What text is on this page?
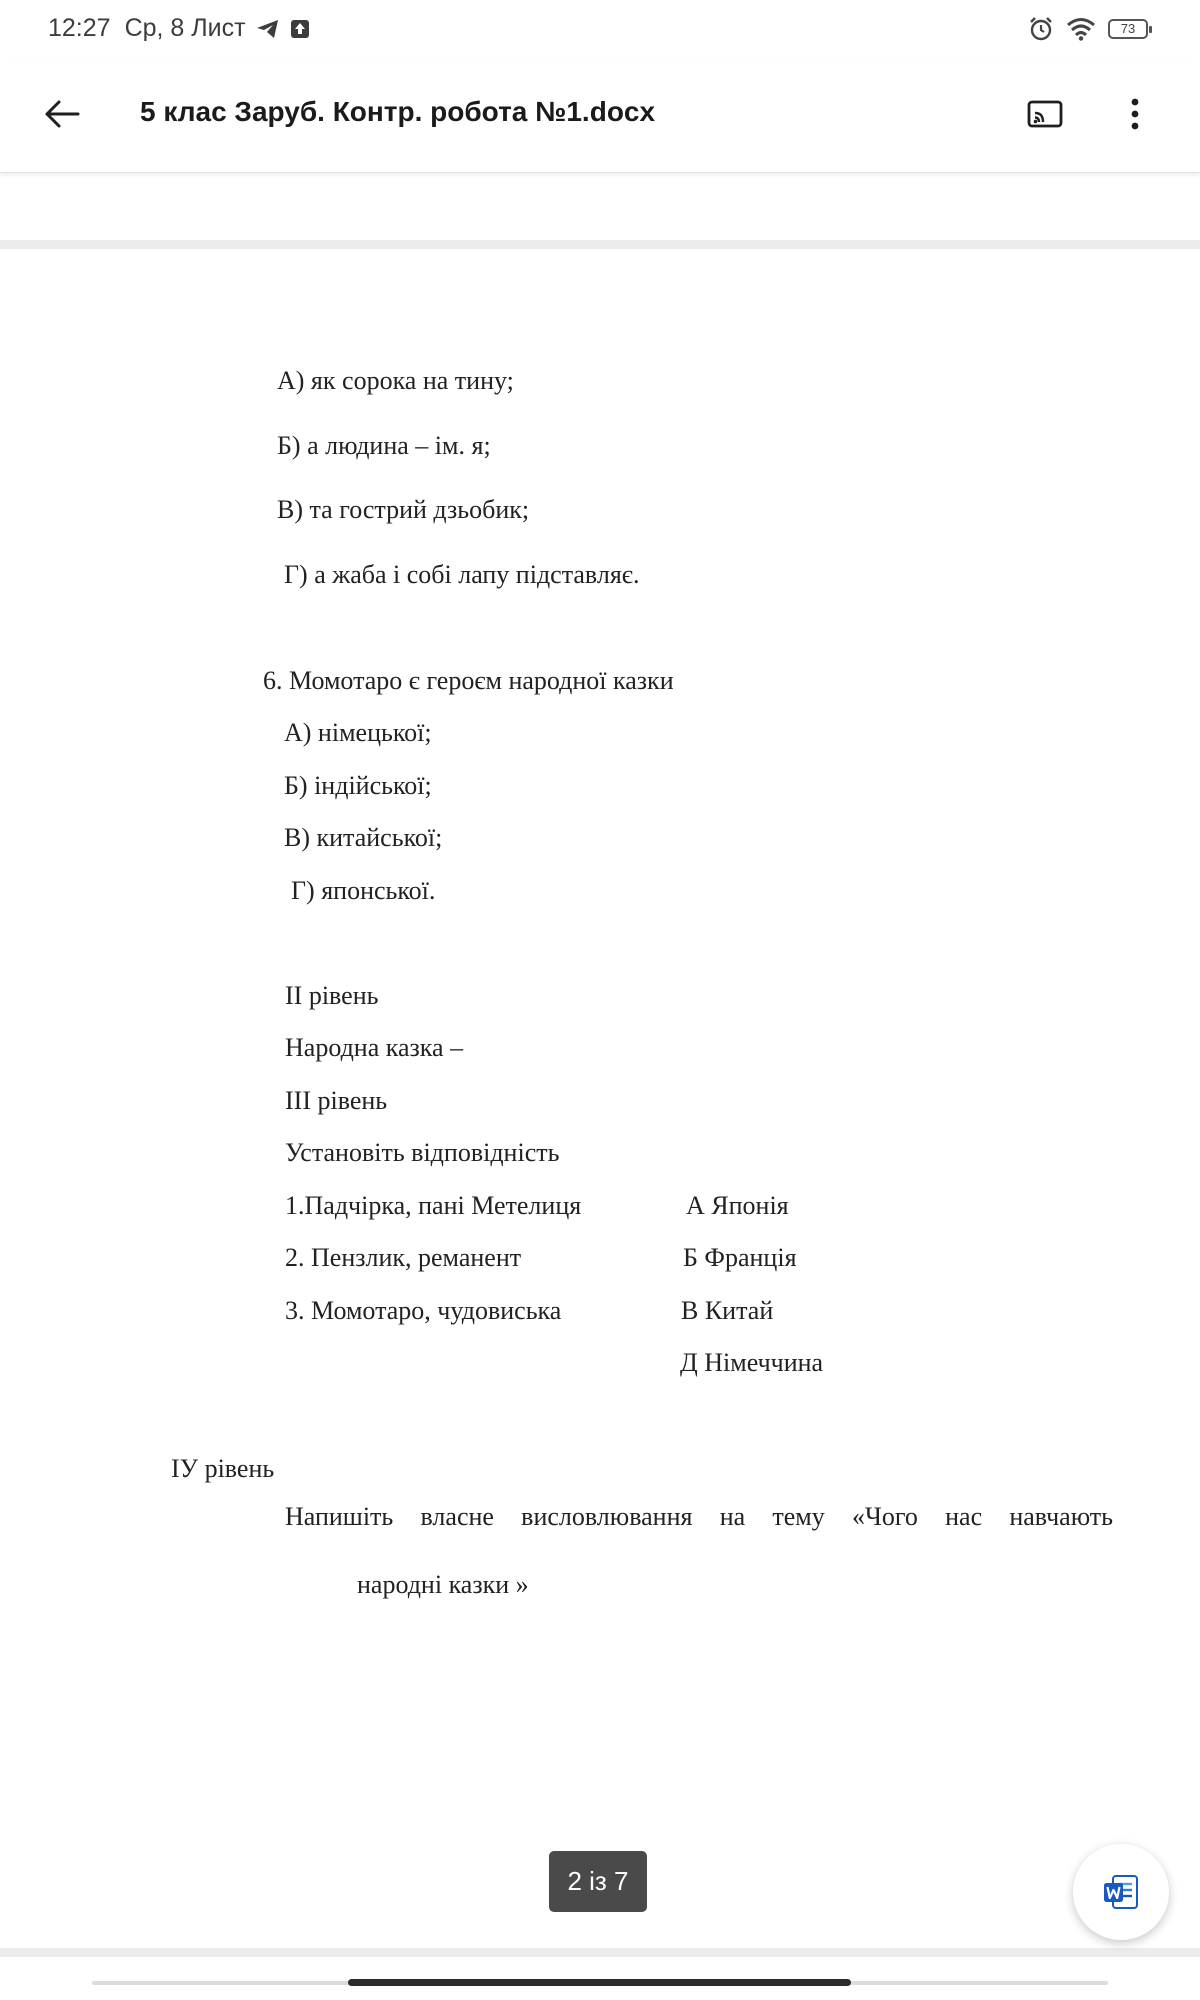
12:27 Ср, 8 Лист	73
5 клас Заруб. Контр. робота №1.docx
А) як сорока на тину;
Б) а людина – ім. я;
В) та гострий дзьобик;
Г) а жаба і собі лапу підставляє.
6. Момотаро є героєм народної казки
А) німецької;
Б) індійської;
В) китайської;
Г) японської.
ІІ рівень
Народна казка –
ІІІ рівень
Установіть відповідність
1.Падчірка, пані Метелиця
2. Пензлик, реманент
3. Момотаро, чудовиська
А Японія
Б Франція
В Китай
Д Німеччина
ІУ рівень
Напишіть власне висловлювання на тему «Чого нас навчають
народні казки »
2 із 7
